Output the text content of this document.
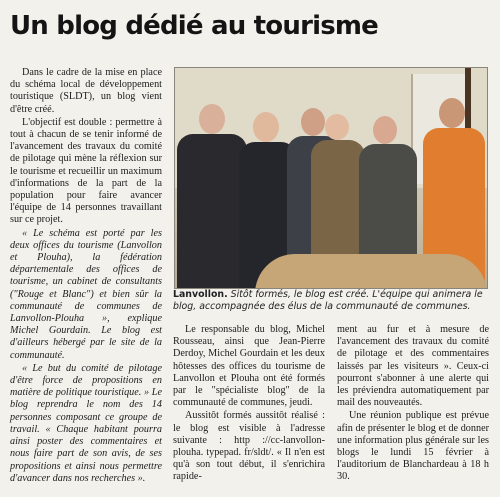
Un blog dédié au tourisme

Dans le cadre de la mise en place du schéma local de développement touristique (SLDT), un blog vient d'être créé.

L'objectif est double : permettre à tout à chacun de se tenir informé de l'avancement des travaux du comité de pilotage qui mène la réflexion sur le tourisme et recueillir un maximum d'informations de la part de la population pour faire avancer l'équipe de 14 personnes travaillant sur ce projet.

« Le schéma est porté par les deux offices du tourisme (Lanvollon et Plouha), la fédération départementale des offices de tourisme, un cabinet de consultants ("Rouge et Blanc") et bien sûr la communauté de communes de Lanvollon-Plouha », explique Michel Gourdain. Le blog est d'ailleurs hébergé par le site de la communauté.

« Le but du comité de pilotage d'être force de propositions en matière de politique touristique. » Le blog reprendra le nom des 14 personnes composant ce groupe de travail. « Chaque habitant pourra ainsi poster des commentaires et nous faire part de son avis, de ses propositions et ainsi nous permettre d'avancer dans nos recherches ».

Lanvollon. Sitôt formés, le blog est créé. L'équipe qui animera le blog, accompagnée des élus de la communauté de communes.

Le responsable du blog, Michel Rousseau, ainsi que Jean-Pierre Derdoy, Michel Gourdain et les deux hôtesses des offices du tourisme de Lanvollon et Plouha ont été formés par le "spécialiste blog" de la communauté de communes, jeudi.

Aussitôt formés aussitôt réalisé : le blog est visible à l'adresse suivante : http ://cc-lanvollon-plouha. typepad. fr/sldt/. « Il n'en est qu'à son tout début, il s'enrichira rapide-

ment au fur et à mesure de l'avancement des travaux du comité de pilotage et des commentaires laissés par les visiteurs ». Ceux-ci pourront s'abonner à une alerte qui les préviendra automatiquement par mail des nouveautés.

Une réunion publique est prévue afin de présenter le blog et de donner une information plus générale sur les blogs le lundi 15 février à l'auditorium de Blanchardeau à 18 h 30.
